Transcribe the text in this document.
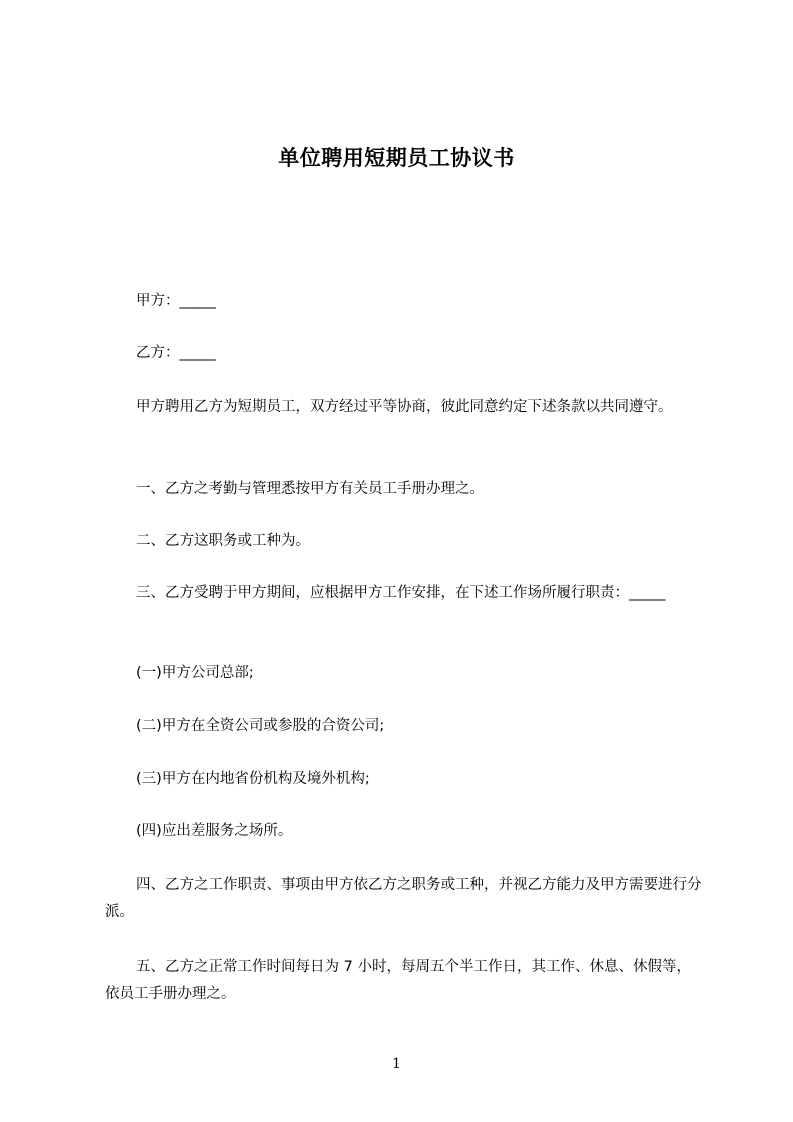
单位聘用短期员工协议书
甲方：_____
乙方：_____
甲方聘用乙方为短期员工，双方经过平等协商，彼此同意约定下述条款以共同遵守。
一、乙方之考勤与管理悉按甲方有关员工手册办理之。
二、乙方这职务或工种为。
三、乙方受聘于甲方期间，应根据甲方工作安排，在下述工作场所履行职责：_____
(一)甲方公司总部;
(二)甲方在全资公司或参股的合资公司;
(三)甲方在内地省份机构及境外机构;
(四)应出差服务之场所。
四、乙方之工作职责、事项由甲方依乙方之职务或工种，并视乙方能力及甲方需要进行分派。
五、乙方之正常工作时间每日为 7 小时，每周五个半工作日，其工作、休息、休假等，依员工手册办理之。
1
